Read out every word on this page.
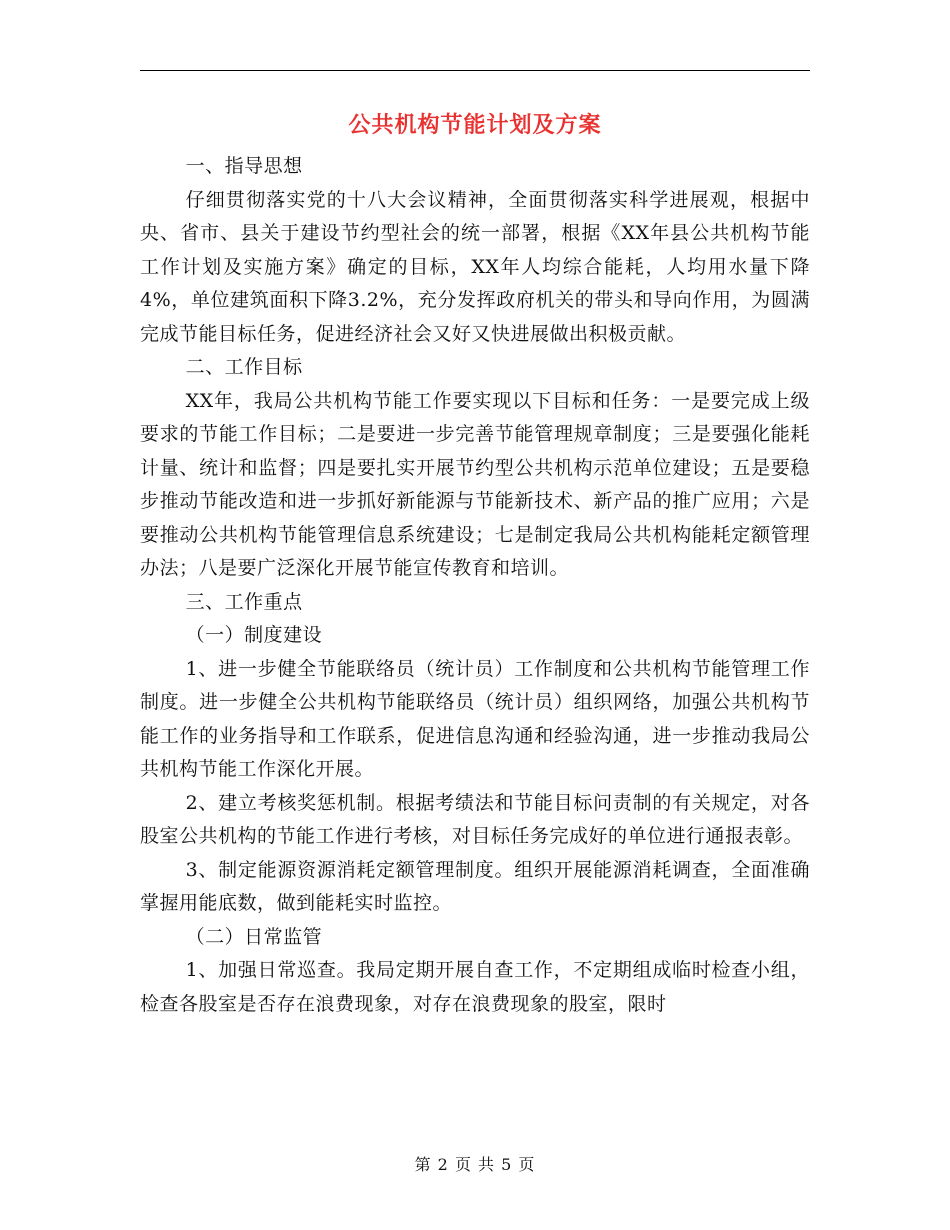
公共机构节能计划及方案

一、指导思想

仔细贯彻落实党的十八大会议精神，全面贯彻落实科学进展观，根据中央、省市、县关于建设节约型社会的统一部署，根据《XX年县公共机构节能工作计划及实施方案》确定的目标，XX年人均综合能耗，人均用水量下降4%，单位建筑面积下降3.2%，充分发挥政府机关的带头和导向作用，为圆满完成节能目标任务，促进经济社会又好又快进展做出积极贡献。

二、工作目标

XX年，我局公共机构节能工作要实现以下目标和任务：一是要完成上级要求的节能工作目标；二是要进一步完善节能管理规章制度；三是要强化能耗计量、统计和监督；四是要扎实开展节约型公共机构示范单位建设；五是要稳步推动节能改造和进一步抓好新能源与节能新技术、新产品的推广应用；六是要推动公共机构节能管理信息系统建设；七是制定我局公共机构能耗定额管理办法；八是要广泛深化开展节能宣传教育和培训。

三、工作重点

（一）制度建设

1、进一步健全节能联络员（统计员）工作制度和公共机构节能管理工作制度。进一步健全公共机构节能联络员（统计员）组织网络，加强公共机构节能工作的业务指导和工作联系，促进信息沟通和经验沟通，进一步推动我局公共机构节能工作深化开展。

2、建立考核奖惩机制。根据考绩法和节能目标问责制的有关规定，对各股室公共机构的节能工作进行考核，对目标任务完成好的单位进行通报表彰。

3、制定能源资源消耗定额管理制度。组织开展能源消耗调查，全面准确掌握用能底数，做到能耗实时监控。

（二）日常监管

1、加强日常巡查。我局定期开展自查工作，不定期组成临时检查小组，检查各股室是否存在浪费现象，对存在浪费现象的股室，限时

第 2 页 共 5 页
